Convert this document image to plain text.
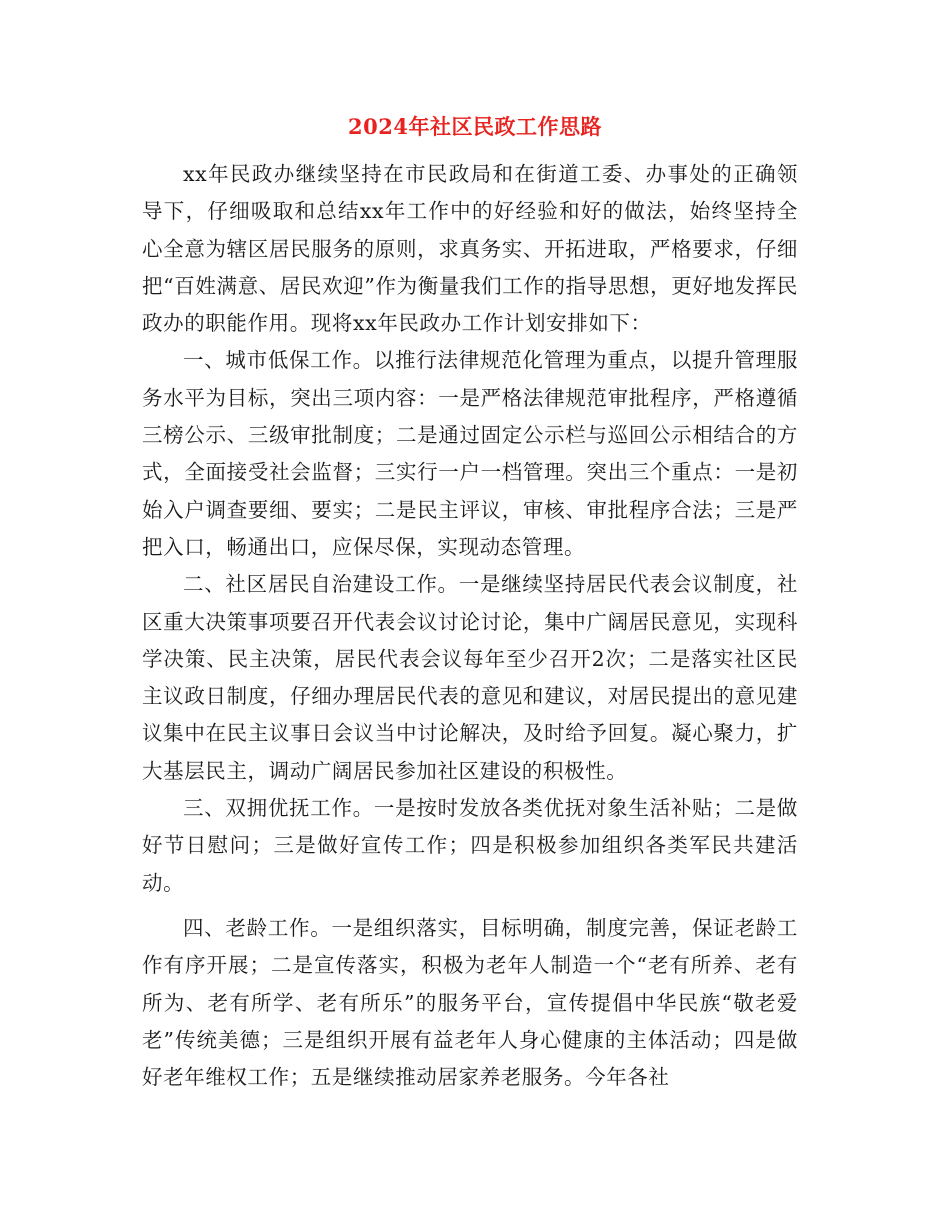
2024年社区民政工作思路

xx年民政办继续坚持在市民政局和在街道工委、办事处的正确领导下，仔细吸取和总结xx年工作中的好经验和好的做法，始终坚持全心全意为辖区居民服务的原则，求真务实、开拓进取，严格要求，仔细把“百姓满意、居民欢迎”作为衡量我们工作的指导思想，更好地发挥民政办的职能作用。现将xx年民政办工作计划安排如下：

一、城市低保工作。以推行法律规范化管理为重点，以提升管理服务水平为目标，突出三项内容：一是严格法律规范审批程序，严格遵循三榜公示、三级审批制度；二是通过固定公示栏与巡回公示相结合的方式，全面接受社会监督；三实行一户一档管理。突出三个重点：一是初始入户调查要细、要实；二是民主评议，审核、审批程序合法；三是严把入口，畅通出口，应保尽保，实现动态管理。

二、社区居民自治建设工作。一是继续坚持居民代表会议制度，社区重大决策事项要召开代表会议讨论讨论，集中广阔居民意见，实现科学决策、民主决策，居民代表会议每年至少召开2次；二是落实社区民主议政日制度，仔细办理居民代表的意见和建议，对居民提出的意见建议集中在民主议事日会议当中讨论解决，及时给予回复。凝心聚力，扩大基层民主，调动广阔居民参加社区建设的积极性。

三、双拥优抚工作。一是按时发放各类优抚对象生活补贴；二是做好节日慰问；三是做好宣传工作；四是积极参加组织各类军民共建活动。

四、老龄工作。一是组织落实，目标明确，制度完善，保证老龄工作有序开展；二是宣传落实，积极为老年人制造一个“老有所养、老有所为、老有所学、老有所乐”的服务平台，宣传提倡中华民族“敬老爱老”传统美德；三是组织开展有益老年人身心健康的主体活动；四是做好老年维权工作；五是继续推动居家养老服务。今年各社
